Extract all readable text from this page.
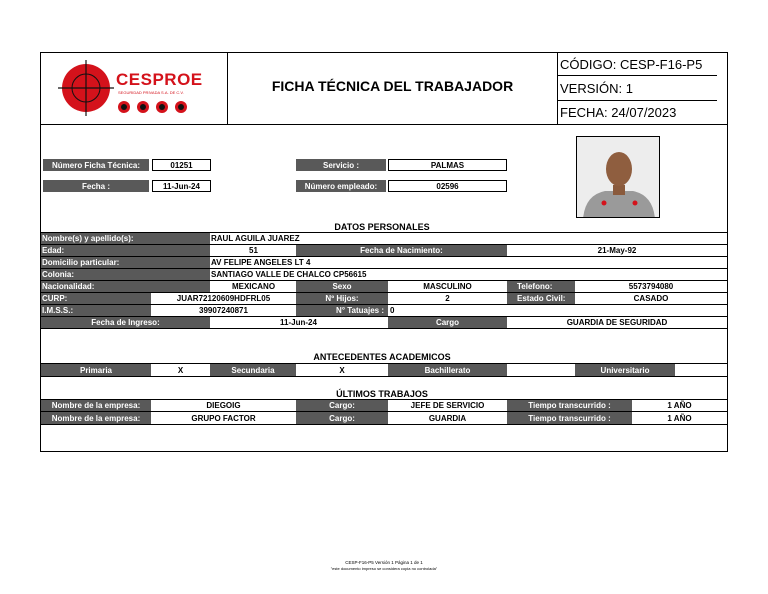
CESPROE
SEGURIDAD PRIVADA S.A. DE C.V.	FICHA TÉCNICA DEL TRABAJADOR
CÓDIGO: CESP-F16-P5
VERSIÓN: 1
FECHA: 24/07/2023
Número Ficha Técnica:	01251
Fecha :	11-Jun-24
Servicio :	PALMAS
Número empleado:	02596
DATOS PERSONALES
Nombre(s) y apellido(s):	RAUL AGUILA JUAREZ
Edad:	51	Fecha de Nacimiento:	21-May-92
Domicilio particular:	AV FELIPE ANGELES LT 4
Colonia:	SANTIAGO VALLE DE CHALCO CP56615
Nacionalidad:	MEXICANO	Sexo	MASCULINO	Telefono:	5573794080
CURP:	JUAR72120609HDFRL05	Nº Hijos:	2	Estado Civil:	CASADO
I.M.S.S.:	39907240871	N° Tatuajes : 0
Fecha de Ingreso:	11-Jun-24	Cargo	GUARDIA DE SEGURIDAD
ANTECEDENTES ACADEMICOS
Primaria	X	Secundaria	X	Bachillerato	Universitario
ÚLTIMOS TRABAJOS
Nombre de la empresa:	DIEGOIG	Cargo:	JEFE DE SERVICIO	Tiempo transcurrido :	1 AÑO
Nombre de la empresa:	GRUPO FACTOR	Cargo:	GUARDIA	Tiempo transcurrido :	1 AÑO
CESP-F16-P5 Versión 1 Página 1 de 1
"este documento impreso se considera copia no controlada"
